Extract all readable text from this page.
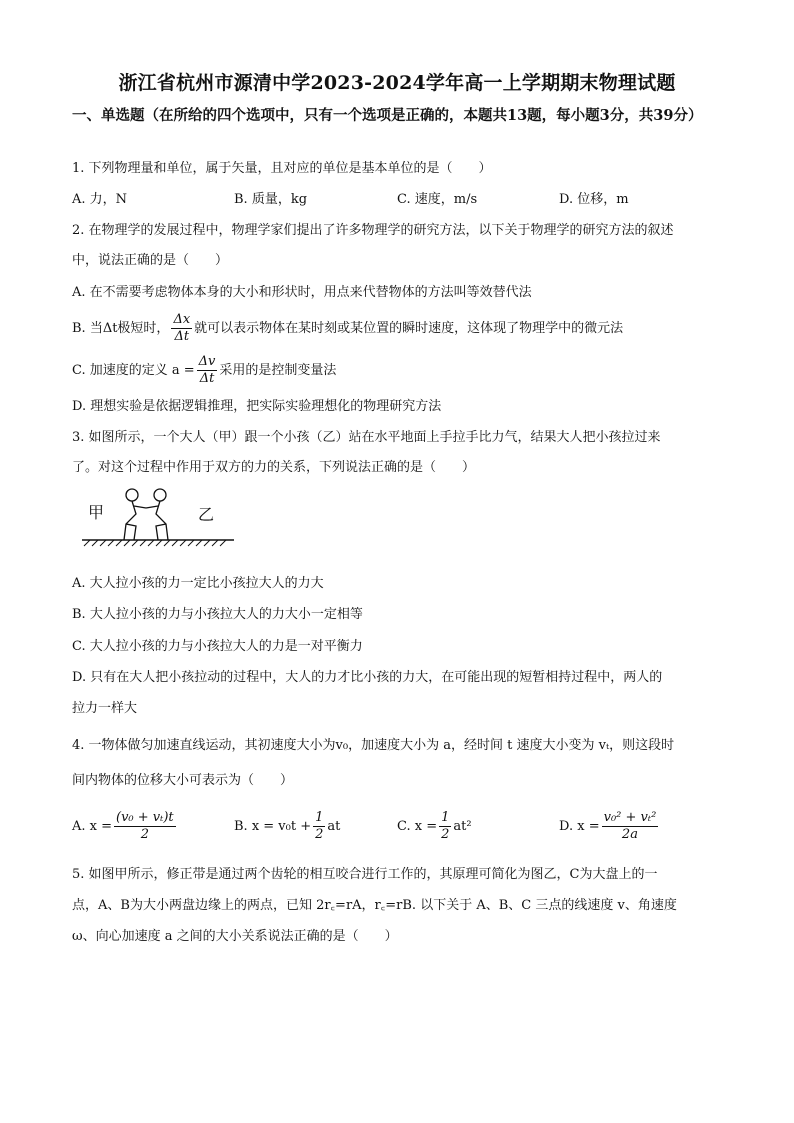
浙江省杭州市源清中学2023-2024学年高一上学期期末物理试题
一、单选题（在所给的四个选项中，只有一个选项是正确的，本题共13题，每小题3分，共39分）
1. 下列物理量和单位，属于矢量，且对应的单位是基本单位的是（　　）
A. 力，N	B. 质量，kg	C. 速度，m/s	D. 位移，m
2. 在物理学的发展过程中，物理学家们提出了许多物理学的研究方法，以下关于物理学的研究方法的叙述
中，说法正确的是（　　）
A. 在不需要考虑物体本身的大小和形状时，用点来代替物体的方法叫等效替代法
B. 当Δt极短时， $\frac{\Delta x}{\Delta t}$ 就可以表示物体在某时刻或某位置的瞬时速度，这体现了物理学中的微元法
C. 加速度的定义 $a = \frac{\Delta v}{\Delta t}$ 采用的是控制变量法
D. 理想实验是依据逻辑推理，把实际实验理想化的物理研究方法
3. 如图所示，一个大人（甲）跟一个小孩（乙）站在水平地面上手拉手比力气，结果大人把小孩拉过来
了。对这个过程中作用于双方的力的关系，下列说法正确的是（　　）
甲	乙
A. 大人拉小孩的力一定比小孩拉大人的力大
B. 大人拉小孩的力与小孩拉大人的力大小一定相等
C. 大人拉小孩的力与小孩拉大人的力是一对平衡力
D. 只有在大人把小孩拉动的过程中，大人的力才比小孩的力大，在可能出现的短暂相持过程中，两人的
拉力一样大
4. 一物体做匀加速直线运动，其初速度大小为v₀，加速度大小为 a，经时间 t 速度大小变为 vₜ，则这段时
间内物体的位移大小可表示为（　　）
A. $x = \frac{\text{(v₀ + vₜ)t}}{2}$	B. $x = v_0t + \frac{1}{2}$ at	C. $x = \frac{1}{2} at^2$	D. $x = \frac{\text{v₀² + vₜ²}}{2a}$
5. 如图甲所示，修正带是通过两个齿轮的相互咬合进行工作的，其原理可简化为图乙，C为大盘上的一
点，A、B为大小两盘边缘上的两点，已知 2r꜀=rA，r꜀=rB. 以下关于 A、B、C 三点的线速度 v、角速度
ω、向心加速度 a 之间的大小关系说法正确的是（　　）
